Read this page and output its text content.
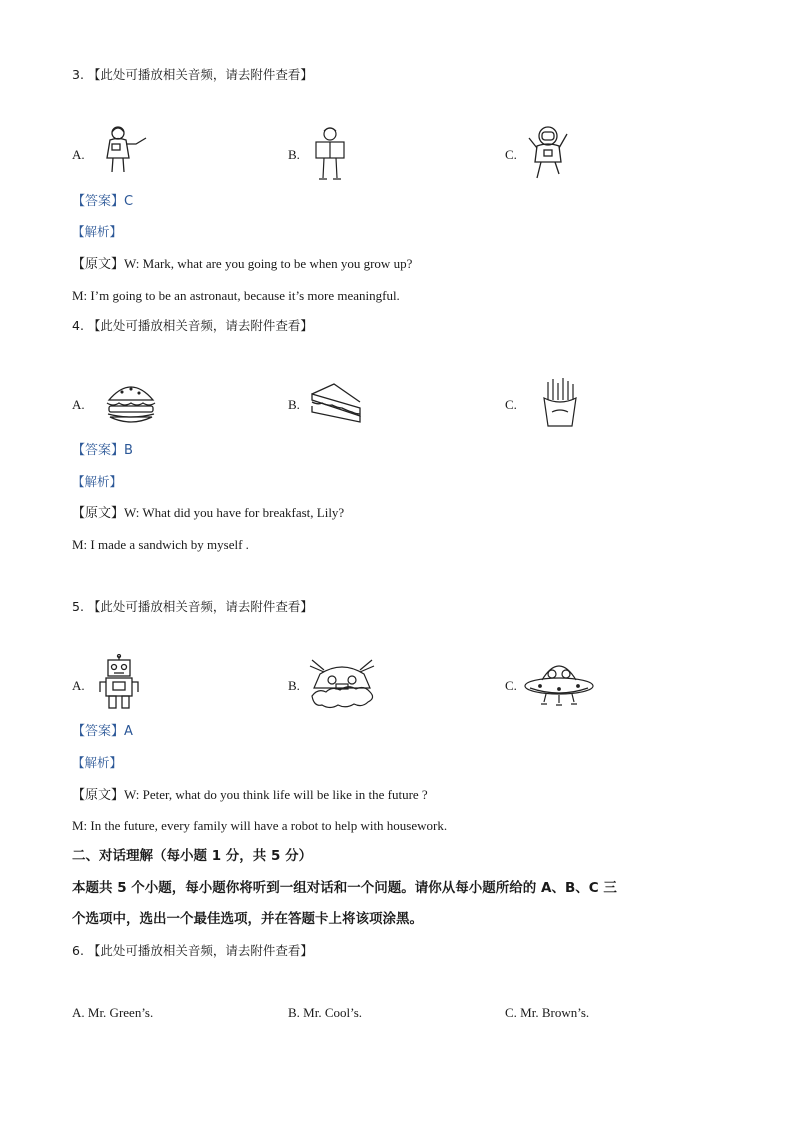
3. 【此处可播放相关音频，请去附件查看】
A.	B.	C.
【答案】C
【解析】
【原文】W: Mark, what are you going to be when you grow up?
M: I’m going to be an astronaut, because it’s more meaningful.
4. 【此处可播放相关音频，请去附件查看】
A.	B.	C.
【答案】B
【解析】
【原文】W: What did you have for breakfast, Lily?
M: I made a sandwich by myself .
5. 【此处可播放相关音频，请去附件查看】
A.	B.	C.
【答案】A
【解析】
【原文】W: Peter, what do you think life will be like in the future ?
M: In the future, every family will have a robot to help with housework.
二、对话理解（每小题 1 分，共 5 分）
本题共 5 个小题，每小题你将听到一组对话和一个问题。请你从每小题所给的 A、B、C 三
个选项中，选出一个最佳选项，并在答题卡上将该项涂黑。
6. 【此处可播放相关音频，请去附件查看】
A. Mr. Green’s.	B. Mr. Cool’s.	C. Mr. Brown’s.
